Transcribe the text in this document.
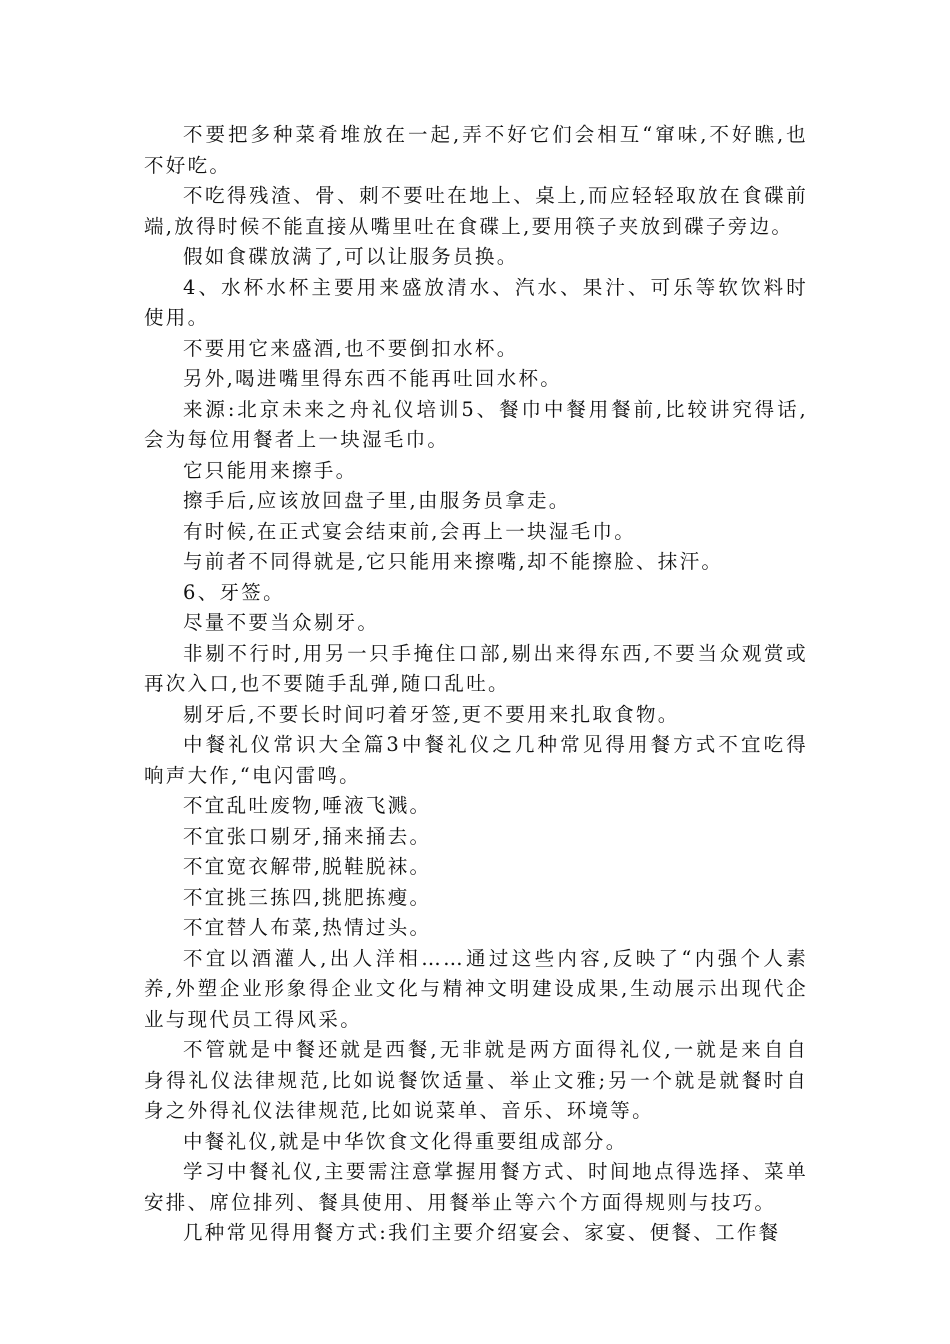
不要把多种菜肴堆放在一起,弄不好它们会相互“窜味,不好瞧,也不好吃。

不吃得残渣、骨、刺不要吐在地上、桌上,而应轻轻取放在食碟前端,放得时候不能直接从嘴里吐在食碟上,要用筷子夹放到碟子旁边。

假如食碟放满了,可以让服务员换。

4、水杯水杯主要用来盛放清水、汽水、果汁、可乐等软饮料时使用。

不要用它来盛酒,也不要倒扣水杯。

另外,喝进嘴里得东西不能再吐回水杯。

来源:北京未来之舟礼仪培训5、餐巾中餐用餐前,比较讲究得话,会为每位用餐者上一块湿毛巾。

它只能用来擦手。

擦手后,应该放回盘子里,由服务员拿走。

有时候,在正式宴会结束前,会再上一块湿毛巾。

与前者不同得就是,它只能用来擦嘴,却不能擦脸、抹汗。

6、牙签。

尽量不要当众剔牙。

非剔不行时,用另一只手掩住口部,剔出来得东西,不要当众观赏或再次入口,也不要随手乱弹,随口乱吐。

剔牙后,不要长时间叼着牙签,更不要用来扎取食物。

中餐礼仪常识大全篇3中餐礼仪之几种常见得用餐方式不宜吃得响声大作,“电闪雷鸣。

不宜乱吐废物,唾液飞溅。

不宜张口剔牙,捅来捅去。

不宜宽衣解带,脱鞋脱袜。

不宜挑三拣四,挑肥拣瘦。

不宜替人布菜,热情过头。

不宜以酒灌人,出人洋相……通过这些内容,反映了“内强个人素养,外塑企业形象得企业文化与精神文明建设成果,生动展示出现代企业与现代员工得风采。

不管就是中餐还就是西餐,无非就是两方面得礼仪,一就是来自自身得礼仪法律规范,比如说餐饮适量、举止文雅;另一个就是就餐时自身之外得礼仪法律规范,比如说菜单、音乐、环境等。

中餐礼仪,就是中华饮食文化得重要组成部分。

学习中餐礼仪,主要需注意掌握用餐方式、时间地点得选择、菜单安排、席位排列、餐具使用、用餐举止等六个方面得规则与技巧。

几种常见得用餐方式:我们主要介绍宴会、家宴、便餐、工作餐
